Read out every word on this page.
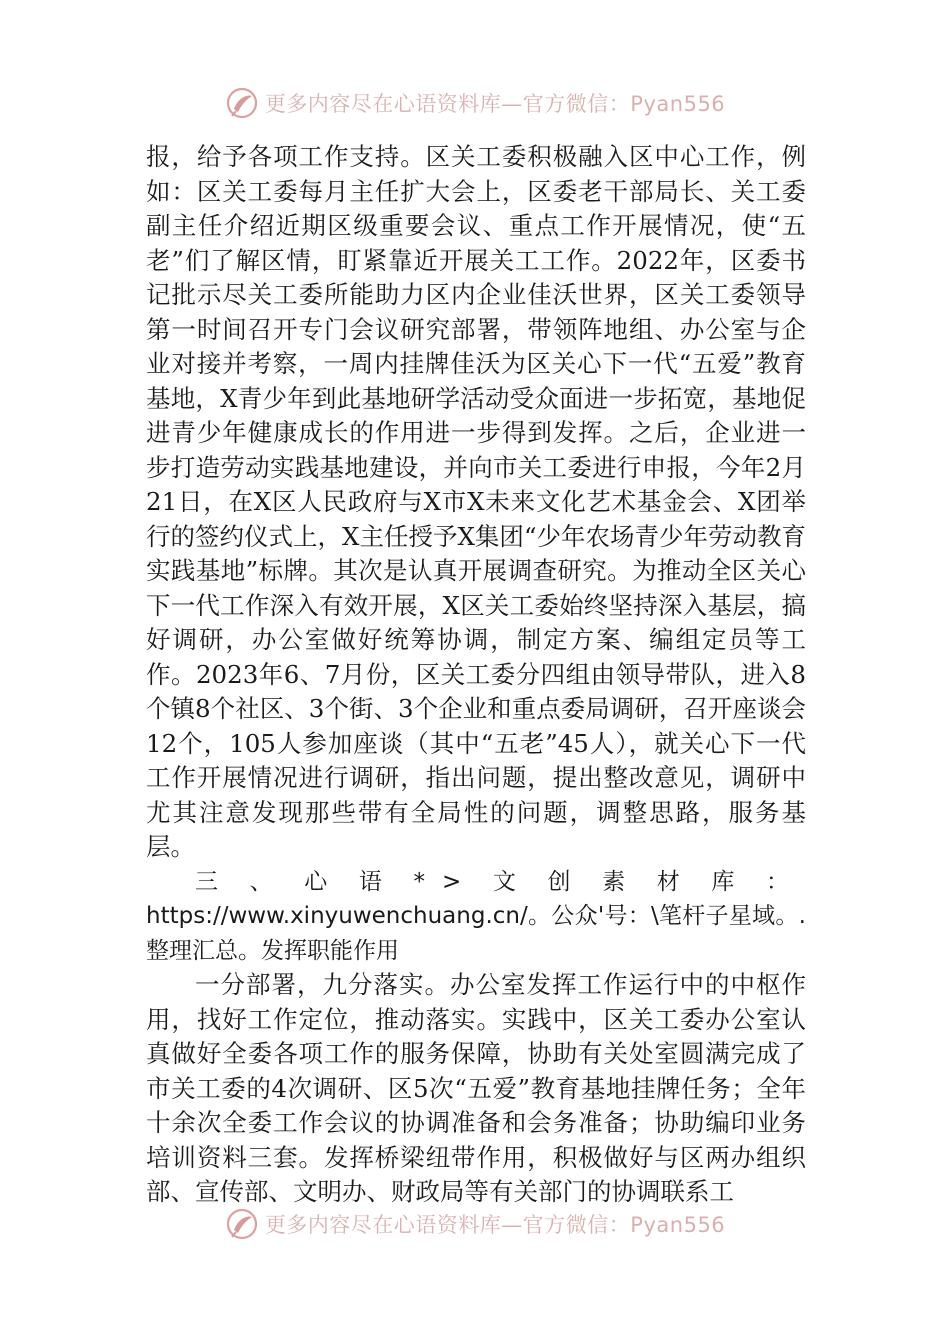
更多内容尽在心语资料库—官方微信：Pyan556

报，给予各项工作支持。区关工委积极融入区中心工作，例如：区关工委每月主任扩大会上，区委老干部局长、关工委副主任介绍近期区级重要会议、重点工作开展情况，使“五老”们了解区情，盯紧靠近开展关工工作。2022年，区委书记批示尽关工委所能助力区内企业佳沃世界，区关工委领导第一时间召开专门会议研究部署，带领阵地组、办公室与企业对接并考察，一周内挂牌佳沃为区关心下一代“五爱”教育基地，X青少年到此基地研学活动受众面进一步拓宽，基地促进青少年健康成长的作用进一步得到发挥。之后，企业进一步打造劳动实践基地建设，并向市关工委进行申报，今年2月21日，在X区人民政府与X市X未来文化艺术基金会、X团举行的签约仪式上，X主任授予X集团“少年农场青少年劳动教育实践基地”标牌。其次是认真开展调查研究。为推动全区关心下一代工作深入有效开展，X区关工委始终坚持深入基层，搞好调研，办公室做好统筹协调，制定方案、编组定员等工作。2023年6、7月份，区关工委分四组由领导带队，进入8个镇8个社区、3个街、3个企业和重点委局调研，召开座谈会12个，105人参加座谈（其中“五老”45人），就关心下一代工作开展情况进行调研，指出问题，提出整改意见，调研中尤其注意发现那些带有全局性的问题，调整思路，服务基层。

三、心语*>文创素材库：https://www.xinyuwenchuang.cn/。公众'号：\笔杆子星域。.整理汇总。发挥职能作用

一分部署，九分落实。办公室发挥工作运行中的中枢作用，找好工作定位，推动落实。实践中，区关工委办公室认真做好全委各项工作的服务保障，协助有关处室圆满完成了市关工委的4次调研、区5次“五爱”教育基地挂牌任务；全年十余次全委工作会议的协调准备和会务准备；协助编印业务培训资料三套。发挥桥梁纽带作用，积极做好与区两办组织部、宣传部、文明办、财政局等有关部门的协调联系工

更多内容尽在心语资料库—官方微信：Pyan556
